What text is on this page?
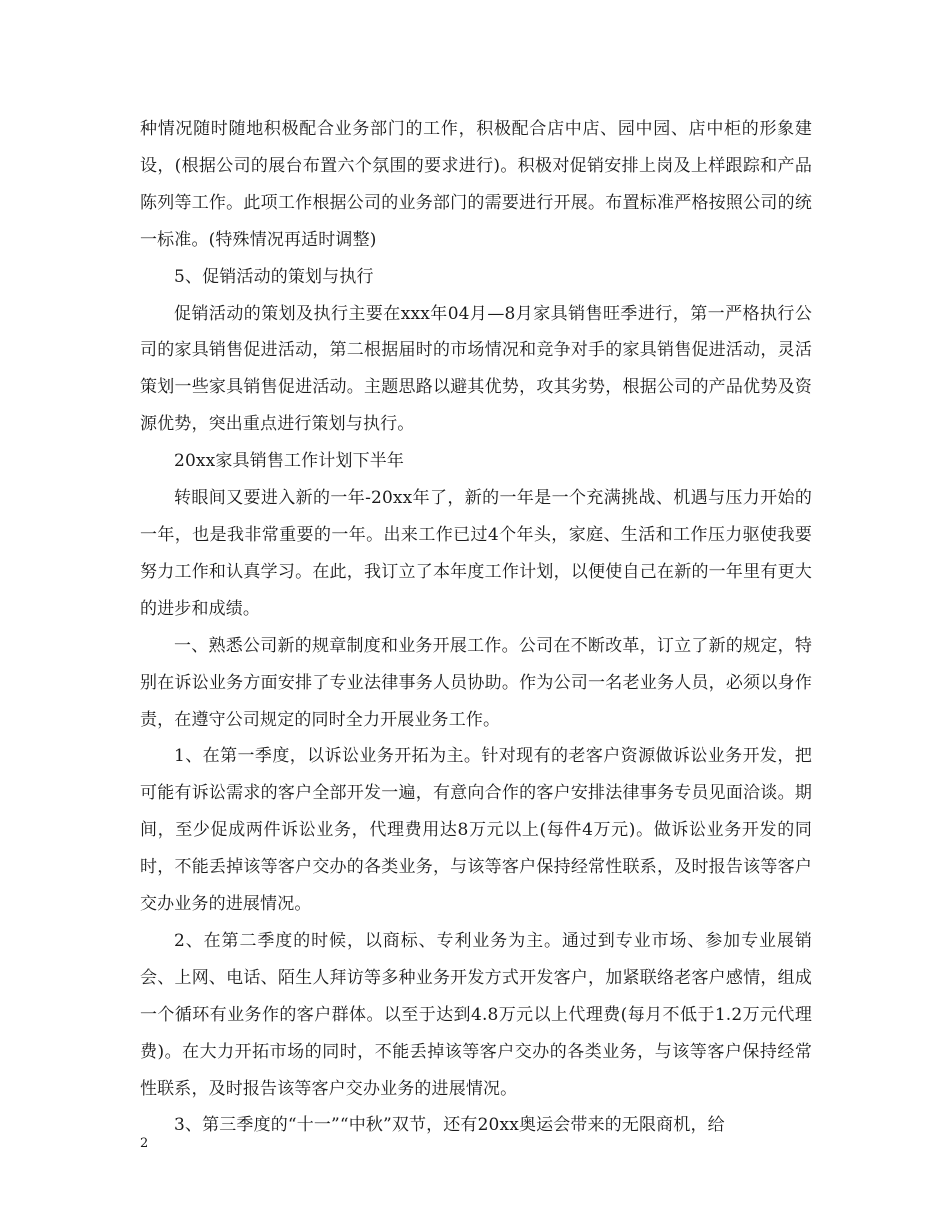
种情况随时随地积极配合业务部门的工作，积极配合店中店、园中园、店中柜的形象建设，(根据公司的展台布置六个氛围的要求进行)。积极对促销安排上岗及上样跟踪和产品陈列等工作。此项工作根据公司的业务部门的需要进行开展。布置标准严格按照公司的统一标准。(特殊情况再适时调整)

5、促销活动的策划与执行

促销活动的策划及执行主要在xxx年04月—8月家具销售旺季进行，第一严格执行公司的家具销售促进活动，第二根据届时的市场情况和竞争对手的家具销售促进活动，灵活策划一些家具销售促进活动。主题思路以避其优势，攻其劣势，根据公司的产品优势及资源优势，突出重点进行策划与执行。

20xx家具销售工作计划下半年

转眼间又要进入新的一年-20xx年了，新的一年是一个充满挑战、机遇与压力开始的一年，也是我非常重要的一年。出来工作已过4个年头，家庭、生活和工作压力驱使我要努力工作和认真学习。在此，我订立了本年度工作计划，以便使自己在新的一年里有更大的进步和成绩。

一、熟悉公司新的规章制度和业务开展工作。公司在不断改革，订立了新的规定，特别在诉讼业务方面安排了专业法律事务人员协助。作为公司一名老业务人员，必须以身作责，在遵守公司规定的同时全力开展业务工作。

1、在第一季度，以诉讼业务开拓为主。针对现有的老客户资源做诉讼业务开发，把可能有诉讼需求的客户全部开发一遍，有意向合作的客户安排法律事务专员见面洽谈。期间，至少促成两件诉讼业务，代理费用达8万元以上(每件4万元)。做诉讼业务开发的同时，不能丢掉该等客户交办的各类业务，与该等客户保持经常性联系，及时报告该等客户交办业务的进展情况。

2、在第二季度的时候，以商标、专利业务为主。通过到专业市场、参加专业展销会、上网、电话、陌生人拜访等多种业务开发方式开发客户，加紧联络老客户感情，组成一个循环有业务作的客户群体。以至于达到4.8万元以上代理费(每月不低于1.2万元代理费)。在大力开拓市场的同时，不能丢掉该等客户交办的各类业务，与该等客户保持经常性联系，及时报告该等客户交办业务的进展情况。

3、第三季度的“十一”“中秋”双节，还有20xx奥运会带来的无限商机，给

2
